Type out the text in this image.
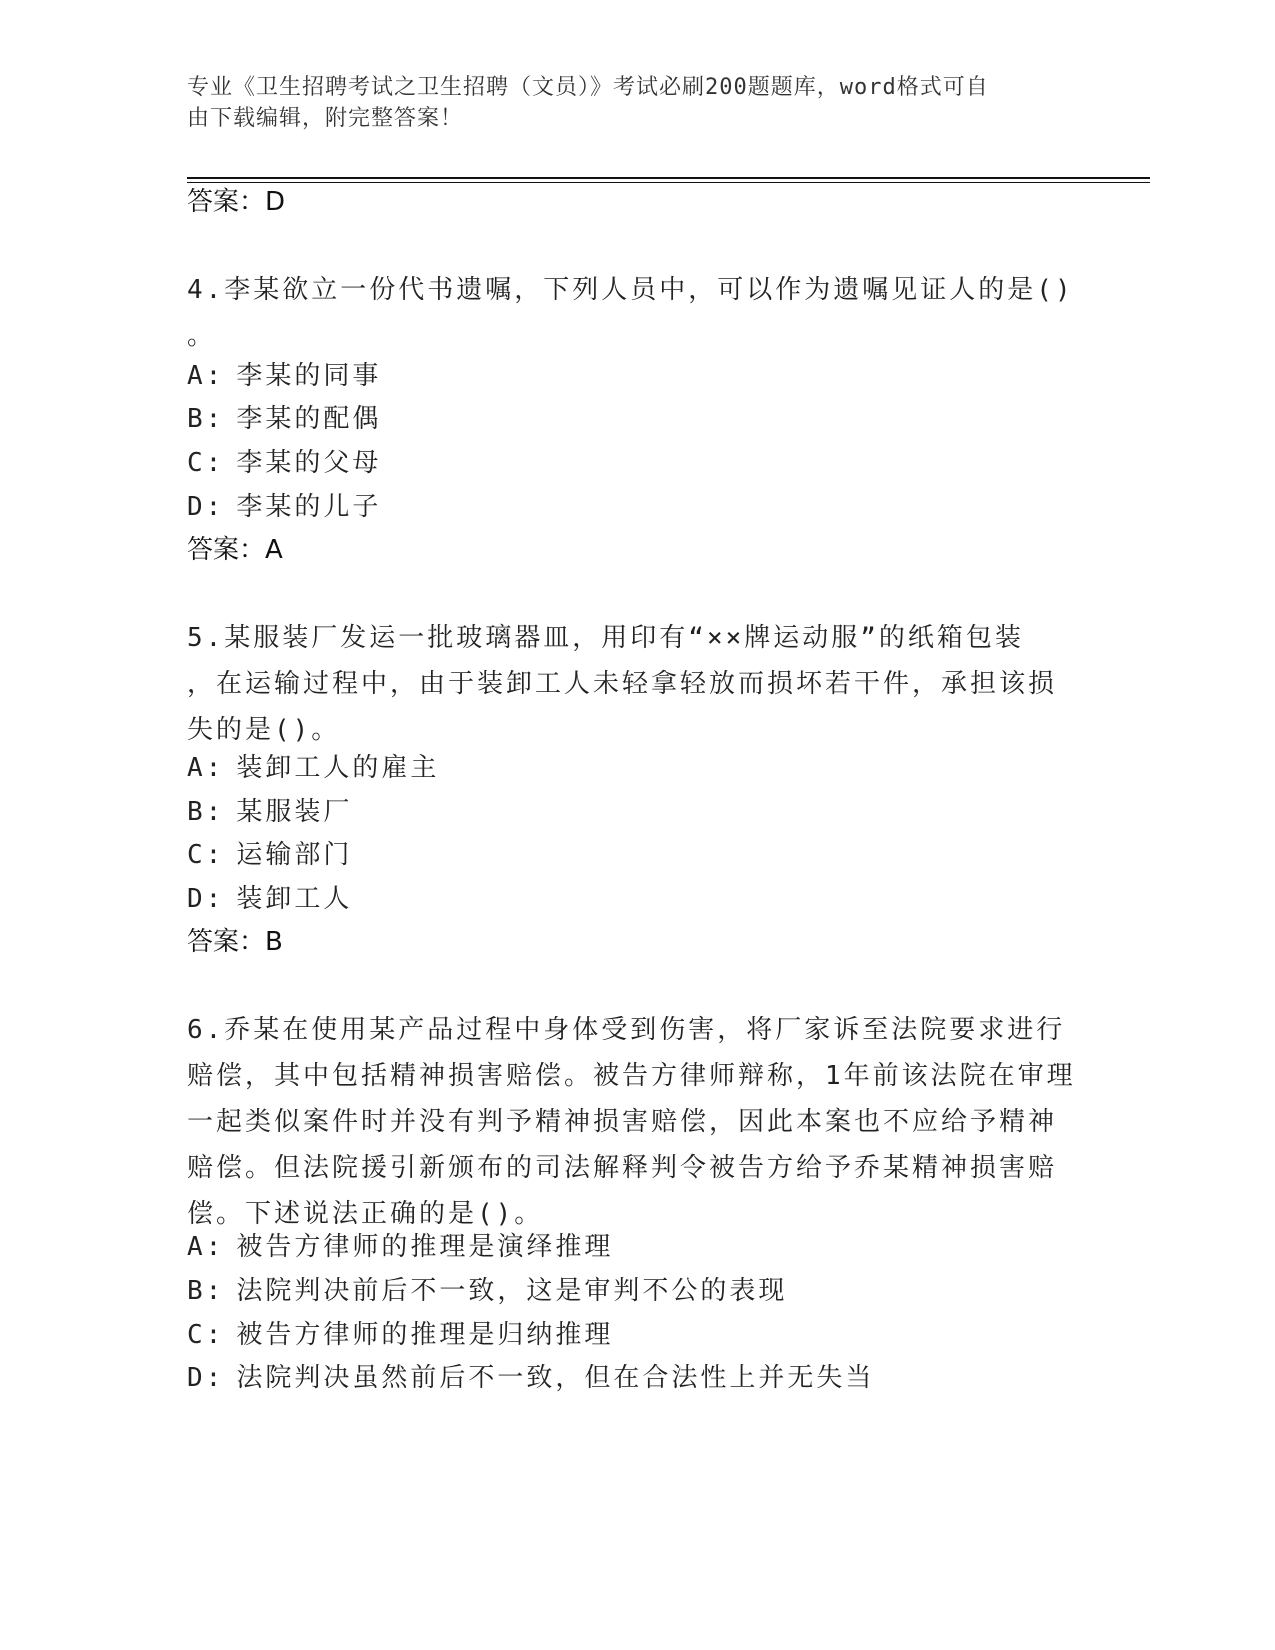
专业《卫生招聘考试之卫生招聘（文员）》考试必刷200题题库，word格式可自
由下载编辑，附完整答案！
答案：D
4.李某欲立一份代书遗嘱，下列人员中，可以作为遗嘱见证人的是()
。
A: 李某的同事
B: 李某的配偶
C: 李某的父母
D: 李某的儿子
答案：A
5.某服装厂发运一批玻璃器皿，用印有“××牌运动服”的纸箱包装
，在运输过程中，由于装卸工人未轻拿轻放而损坏若干件，承担该损
失的是()。
A: 装卸工人的雇主
B: 某服装厂
C: 运输部门
D: 装卸工人
答案：B
6.乔某在使用某产品过程中身体受到伤害，将厂家诉至法院要求进行
赔偿，其中包括精神损害赔偿。被告方律师辩称，1年前该法院在审理
一起类似案件时并没有判予精神损害赔偿，因此本案也不应给予精神
赔偿。但法院援引新颁布的司法解释判令被告方给予乔某精神损害赔
偿。下述说法正确的是()。
A: 被告方律师的推理是演绎推理
B: 法院判决前后不一致，这是审判不公的表现
C: 被告方律师的推理是归纳推理
D: 法院判决虽然前后不一致，但在合法性上并无失当
